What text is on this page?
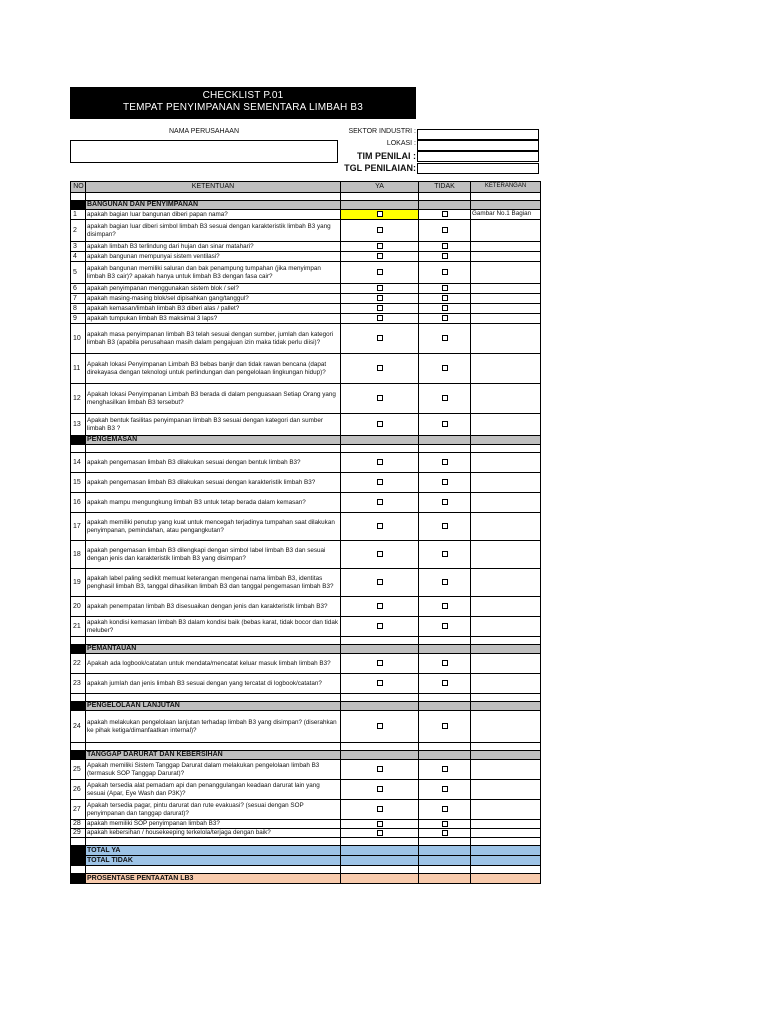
CHECKLIST P.01
TEMPAT PENYIMPANAN SEMENTARA LIMBAH B3
NAMA PERUSAHAAN	SEKTOR INDUSTRI :
LOKASI :
TIM PENILAI :
TGL PENILAIAN:
NO	KETENTUAN	YA	TIDAK	KETERANGAN

	BANGUNAN DAN PENYIMPANAN			
1	apakah bagian luar bangunan diberi papan nama?			Gambar No.1 Bagian
2	apakah bagian luar diberi simbol limbah B3 sesuai dengan karakteristik limbah B3 yang disimpan?			
3	apakah limbah B3 terlindung dari hujan dan sinar matahari?			
4	apakah bangunan mempunyai sistem ventilasi?			
5	apakah bangunan memiliki saluran dan bak penampung tumpahan (jika menyimpan limbah B3 cair)? apakah hanya untuk limbah B3 dengan fasa cair?			
6	apakah penyimpanan menggunakan sistem blok / sel?			
7	apakah masing-masing blok/sel dipisahkan gang/tanggul?			
8	apakah kemasan/limbah limbah B3 diberi alas / pallet?			
9	apakah tumpukan limbah B3 maksimal 3 laps?			
10	apakah masa penyimpanan limbah B3 telah sesuai dengan sumber, jumlah dan kategori limbah B3 (apabila perusahaan masih dalam pengajuan izin maka tidak perlu diisi)?			
11	Apakah lokasi Penyimpanan Limbah B3 bebas banjir dan tidak rawan bencana (dapat direkayasa dengan teknologi untuk perlindungan dan pengelolaan lingkungan hidup)?			
12	Apakah lokasi Penyimpanan Limbah B3 berada di dalam penguasaan Setiap Orang yang menghasilkan limbah B3 tersebut?			
13	Apakah bentuk fasilitas penyimpanan limbah B3 sesuai dengan kategori dan sumber limbah B3 ?			
	PENGEMASAN			

14	apakah pengemasan limbah B3 dilakukan sesuai dengan bentuk limbah B3?			
15	apakah pengemasan limbah B3 dilakukan sesuai dengan karakteristik limbah B3?			
16	apakah mampu mengungkung limbah B3 untuk tetap berada dalam kemasan?			
17	apakah memiliki penutup yang kuat untuk mencegah terjadinya tumpahan saat dilakukan penyimpanan, pemindahan, atau pengangkutan?			
18	apakah pengemasan limbah B3 dilengkapi dengan simbol label limbah B3 dan sesuai dengan jenis dan karakteristik limbah B3 yang disimpan?			
19	apakah label paling sedikit memuat keterangan mengenai nama limbah B3, identitas penghasil limbah B3, tanggal dihasilkan limbah B3 dan tanggal pengemasan limbah B3?			
20	apakah penempatan limbah B3 disesuaikan dengan jenis dan karakteristik limbah B3?			
21	apakah kondisi kemasan limbah B3 dalam kondisi baik (bebas karat, tidak bocor dan tidak meluber?			

	PEMANTAUAN			
22	Apakah ada logbook/catatan untuk mendata/mencatat keluar masuk limbah limbah B3?			
23	apakah jumlah dan jenis limbah B3 sesuai dengan yang tercatat di logbook/catatan?			

	PENGELOLAAN LANJUTAN			
24	apakah melakukan pengelolaan lanjutan terhadap limbah B3 yang disimpan? (diserahkan ke pihak ketiga/dimanfaatkan internal)?			

	TANGGAP DARURAT DAN KEBERSIHAN			
25	Apakah memiliki Sistem Tanggap Darurat dalam melakukan pengelolaan limbah B3 (termasuk SOP Tanggap Darurat)?			
26	Apakah tersedia alat pemadam api dan penanggulangan keadaan darurat lain yang sesuai (Apar, Eye Wash dan P3K)?			
27	Apakah tersedia pagar, pintu darurat dan rute evakuasi? (sesuai dengan SOP penyimpanan dan tanggap darurat)?			
28	apakah memiliki SOP penyimpanan limbah B3?			
29	apakah kebersihan / housekeeping terkelola/terjaga dengan baik?			

	TOTAL YA			
	TOTAL TIDAK			

	PROSENTASE PENTAATAN LB3			
